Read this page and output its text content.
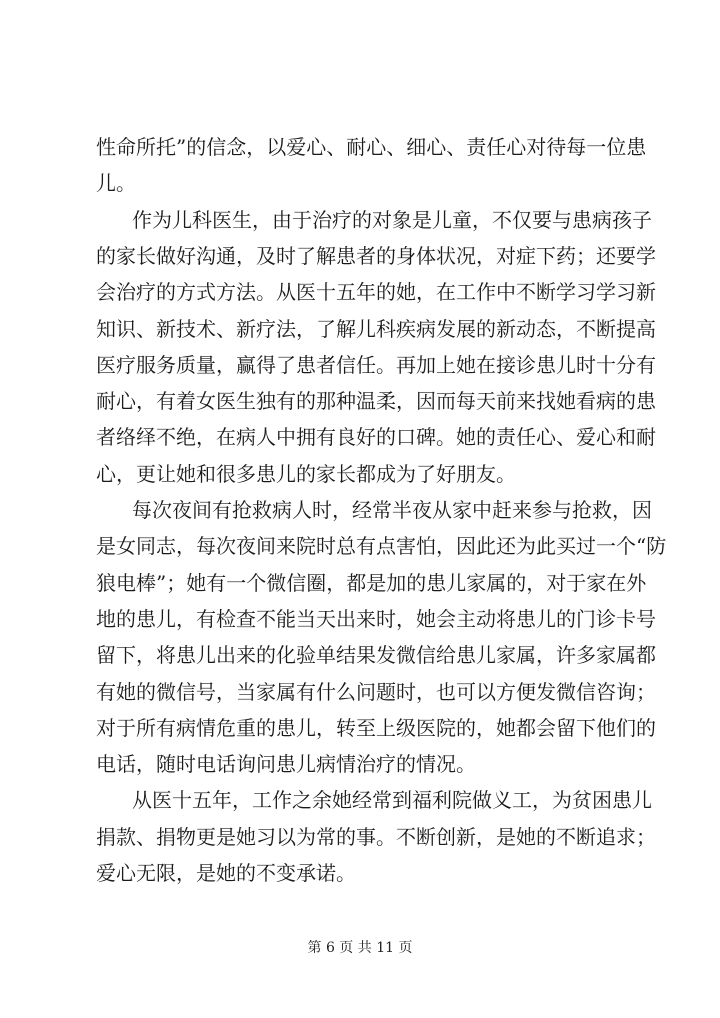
性命所托”的信念，以爱心、耐心、细心、责任心对待每一位患
儿。
作为儿科医生，由于治疗的对象是儿童，不仅要与患病孩子
的家长做好沟通，及时了解患者的身体状况，对症下药；还要学
会治疗的方式方法。从医十五年的她，在工作中不断学习学习新
知识、新技术、新疗法，了解儿科疾病发展的新动态，不断提高
医疗服务质量，赢得了患者信任。再加上她在接诊患儿时十分有
耐心，有着女医生独有的那种温柔，因而每天前来找她看病的患
者络绎不绝，在病人中拥有良好的口碑。她的责任心、爱心和耐
心，更让她和很多患儿的家长都成为了好朋友。
每次夜间有抢救病人时，经常半夜从家中赶来参与抢救，因
是女同志，每次夜间来院时总有点害怕，因此还为此买过一个“防
狼电棒”；她有一个微信圈，都是加的患儿家属的，对于家在外
地的患儿，有检查不能当天出来时，她会主动将患儿的门诊卡号
留下，将患儿出来的化验单结果发微信给患儿家属，许多家属都
有她的微信号，当家属有什么问题时，也可以方便发微信咨询；
对于所有病情危重的患儿，转至上级医院的，她都会留下他们的
电话，随时电话询问患儿病情治疗的情况。
从医十五年，工作之余她经常到福利院做义工，为贫困患儿
捐款、捐物更是她习以为常的事。不断创新，是她的不断追求；
爱心无限，是她的不变承诺。
第 6 页 共 11 页
